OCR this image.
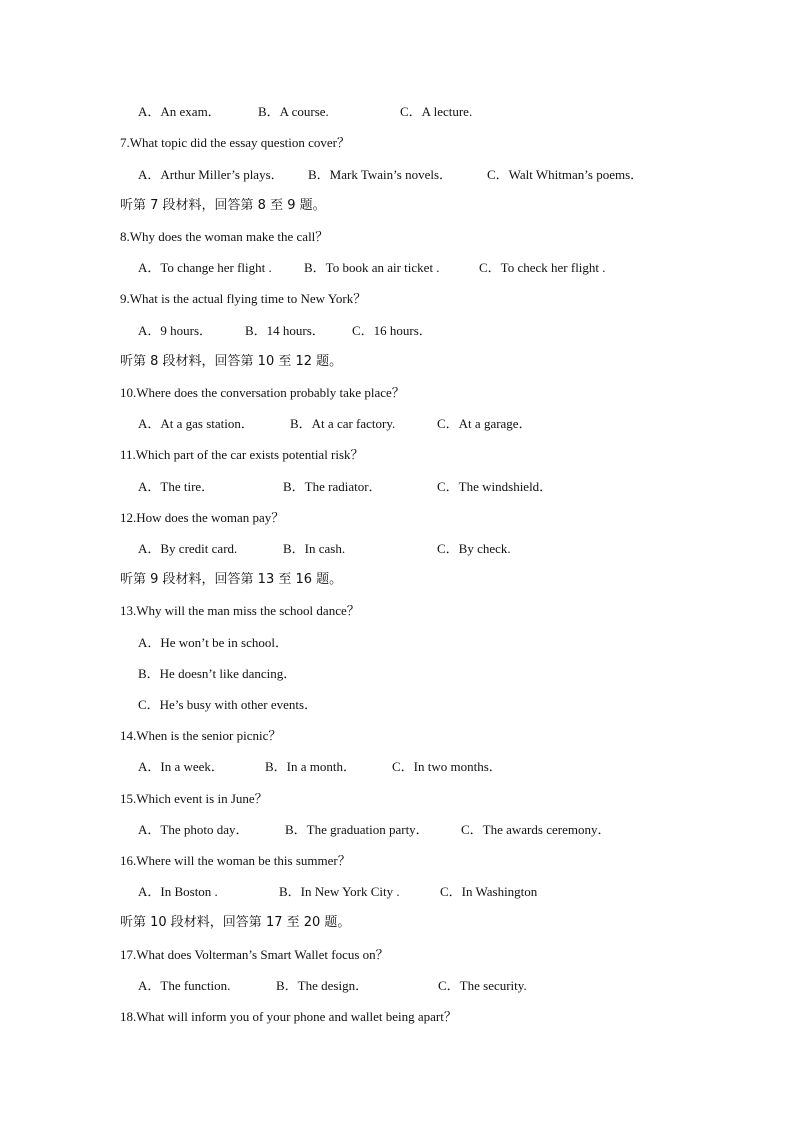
A．An exam．	B．A course.	C．A lecture.
7.What topic did the essay question cover？
A．Arthur Miller’s plays． B．Mark Twain’s novels．	C．Walt Whitman’s poems．
听第 7 段材料，回答第 8 至 9 题。
8.Why does the woman make the call？
A．To change her flight . B．To book an air ticket .	C．To check her flight .
9.What is the actual flying time to New York？
A．9 hours．	B．14 hours． C．16 hours．
听第 8 段材料，回答第 10 至 12 题。
10.Where does the conversation probably take place？
A．At a gas station．	B．At a car factory.	C．At a garage．
11.Which part of the car exists potential risk？
A．The tire．	B．The radiator．	C．The windshield．
12.How does the woman pay？
A．By credit card.	B．In cash.	C．By check.
听第 9 段材料，回答第 13 至 16 题。
13.Why will the man miss the school dance？
A．He won’t be in school．
B．He doesn’t like dancing．
C．He’s busy with other events．
14.When is the senior picnic？
A．In a week．	B．In a month．	C．In two months．
15.Which event is in June？
A．The photo day．	B．The graduation party． C．The awards ceremony．
16.Where will the woman be this summer？
A．In Boston .	B．In New York City .	C．In Washington
听第 10 段材料，回答第 17 至 20 题。
17.What does Volterman’s Smart Wallet focus on？
A．The function.	B．The design．	C．The security.
18.What will inform you of your phone and wallet being apart？
